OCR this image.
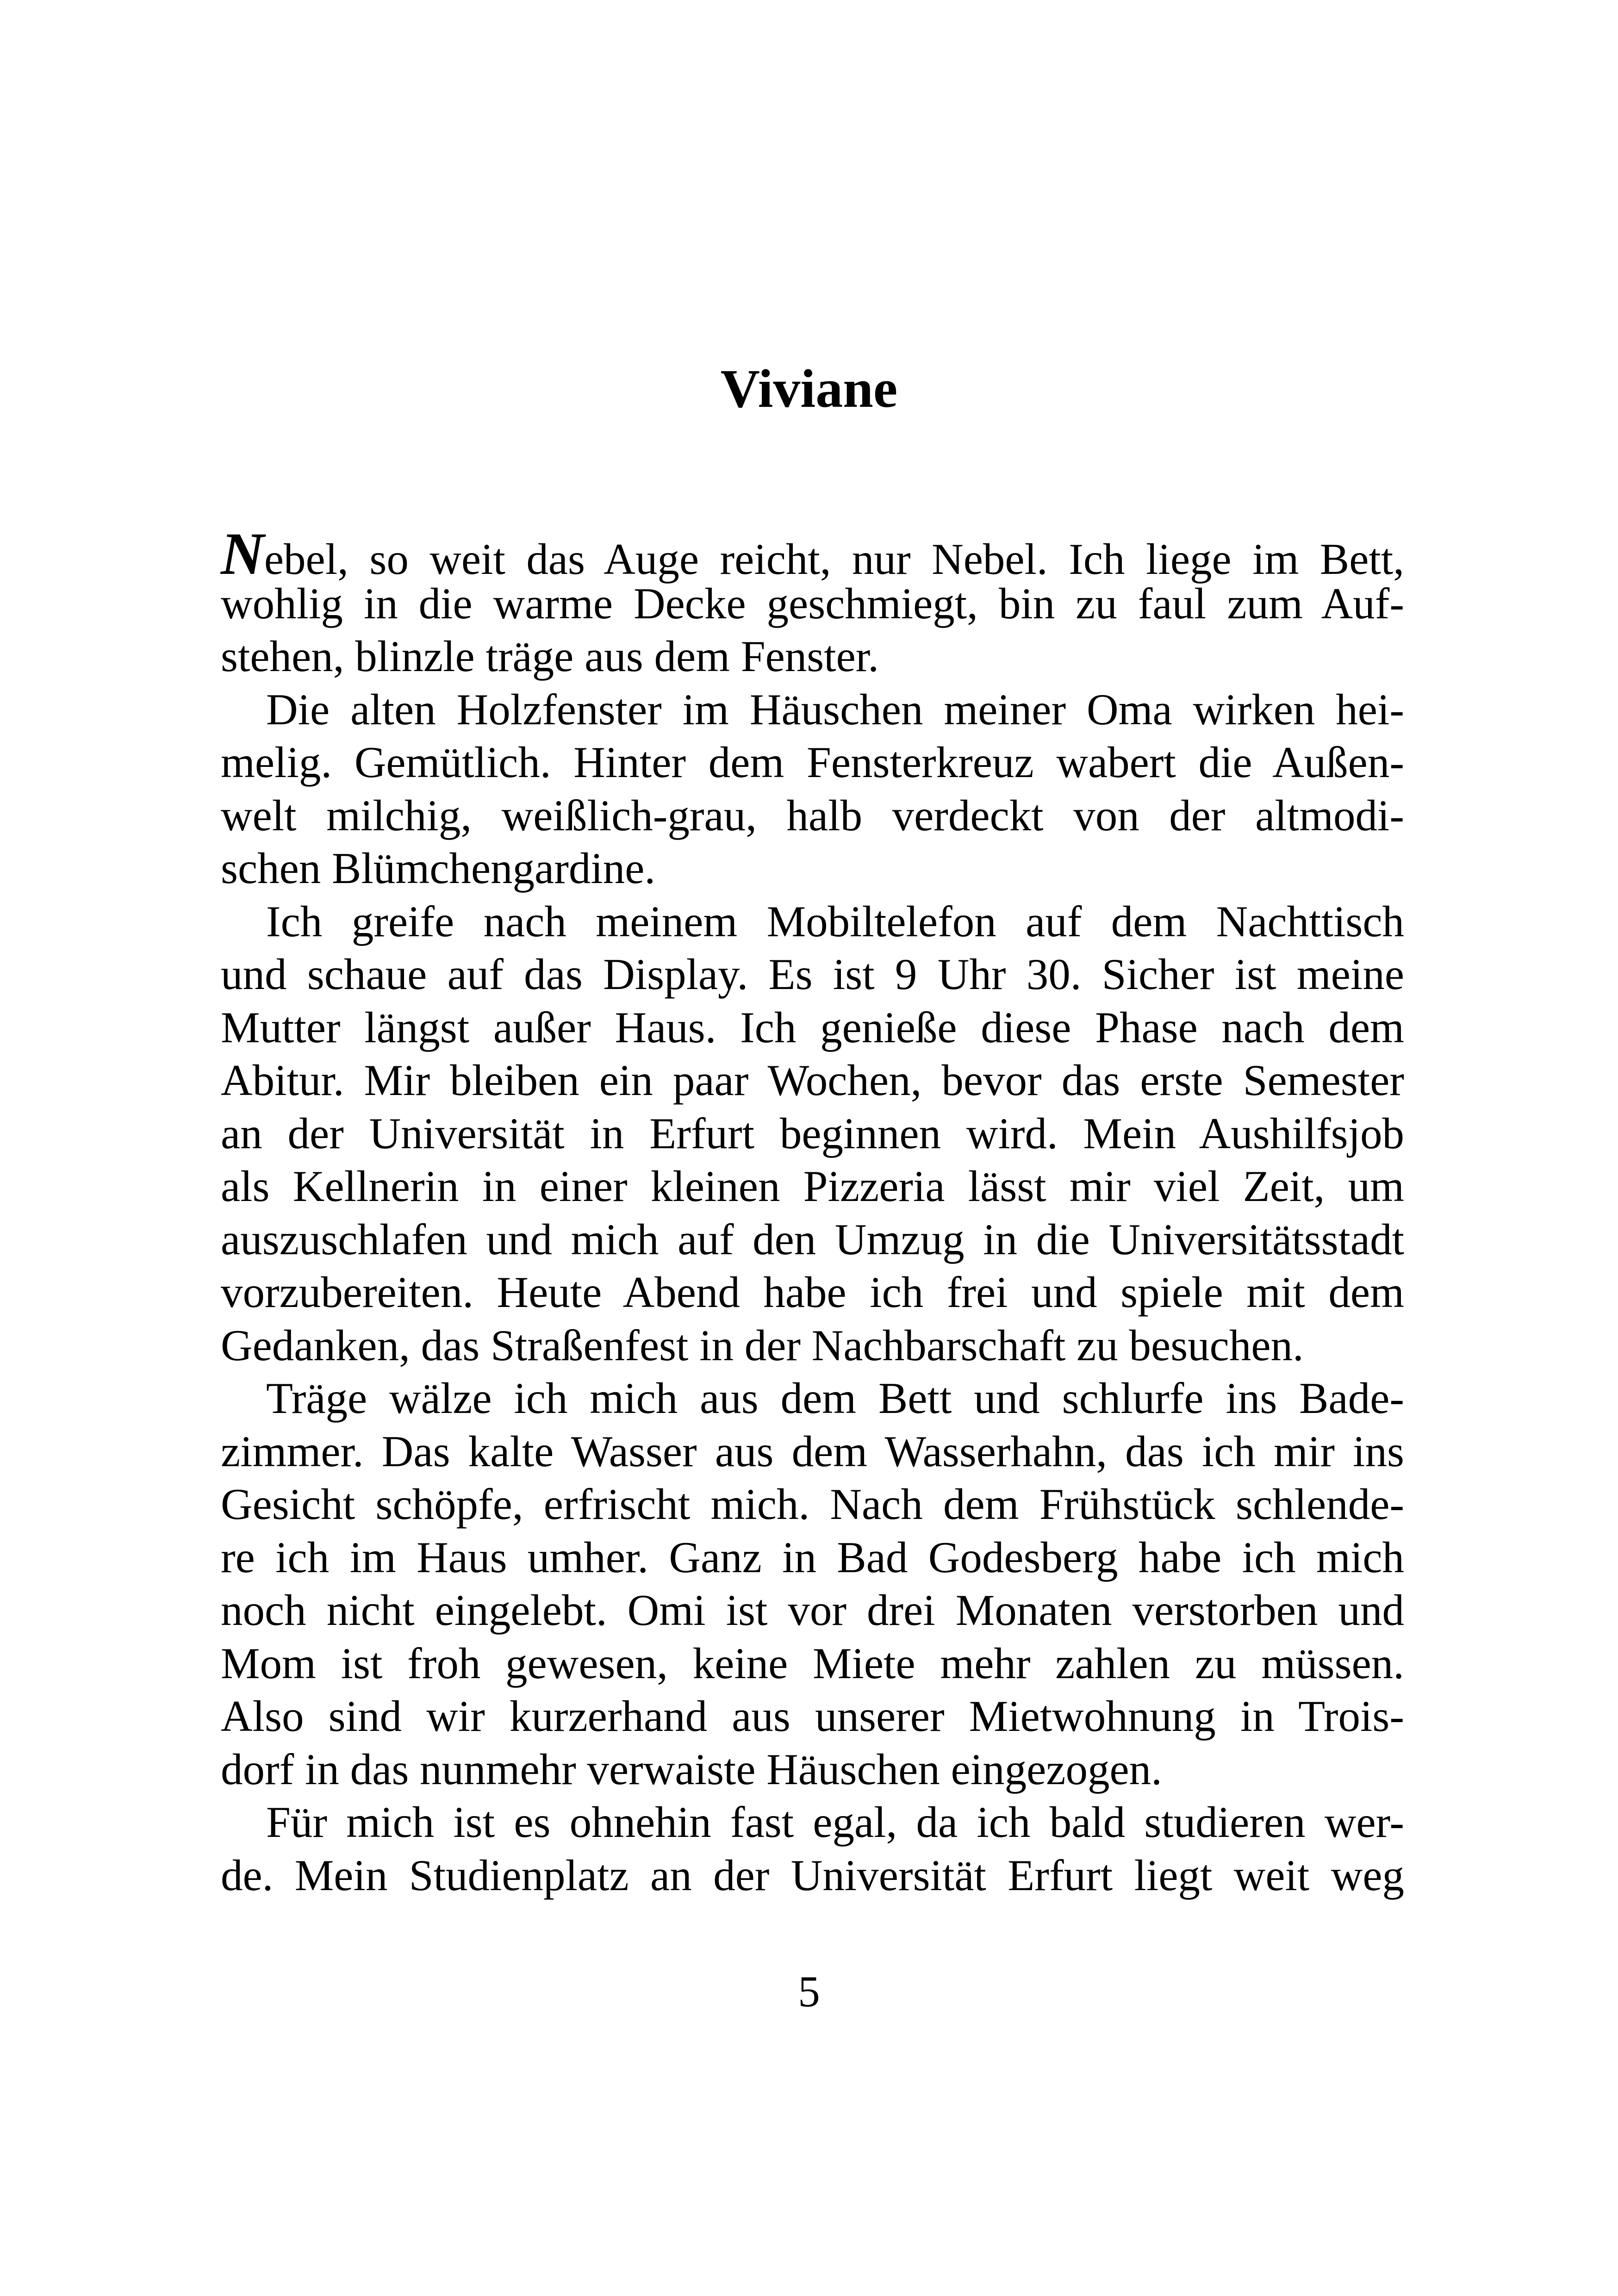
Viviane
Nebel, so weit das Auge reicht, nur Nebel. Ich liege im Bett,
wohlig in die warme Decke geschmiegt, bin zu faul zum Auf-
stehen, blinzle träge aus dem Fenster.
Die alten Holzfenster im Häuschen meiner Oma wirken hei-
melig. Gemütlich. Hinter dem Fensterkreuz wabert die Außen-
welt milchig, weißlich-grau, halb verdeckt von der altmodi-
schen Blümchengardine.
Ich greife nach meinem Mobiltelefon auf dem Nachttisch
und schaue auf das Display. Es ist 9 Uhr 30. Sicher ist meine
Mutter längst außer Haus. Ich genieße diese Phase nach dem
Abitur. Mir bleiben ein paar Wochen, bevor das erste Semester
an der Universität in Erfurt beginnen wird. Mein Aushilfsjob
als Kellnerin in einer kleinen Pizzeria lässt mir viel Zeit, um
auszuschlafen und mich auf den Umzug in die Universitätsstadt
vorzubereiten. Heute Abend habe ich frei und spiele mit dem
Gedanken, das Straßenfest in der Nachbarschaft zu besuchen.
Träge wälze ich mich aus dem Bett und schlurfe ins Bade-
zimmer. Das kalte Wasser aus dem Wasserhahn, das ich mir ins
Gesicht schöpfe, erfrischt mich. Nach dem Frühstück schlende-
re ich im Haus umher. Ganz in Bad Godesberg habe ich mich
noch nicht eingelebt. Omi ist vor drei Monaten verstorben und
Mom ist froh gewesen, keine Miete mehr zahlen zu müssen.
Also sind wir kurzerhand aus unserer Mietwohnung in Trois-
dorf in das nunmehr verwaiste Häuschen eingezogen.
Für mich ist es ohnehin fast egal, da ich bald studieren wer-
de. Mein Studienplatz an der Universität Erfurt liegt weit weg
5
